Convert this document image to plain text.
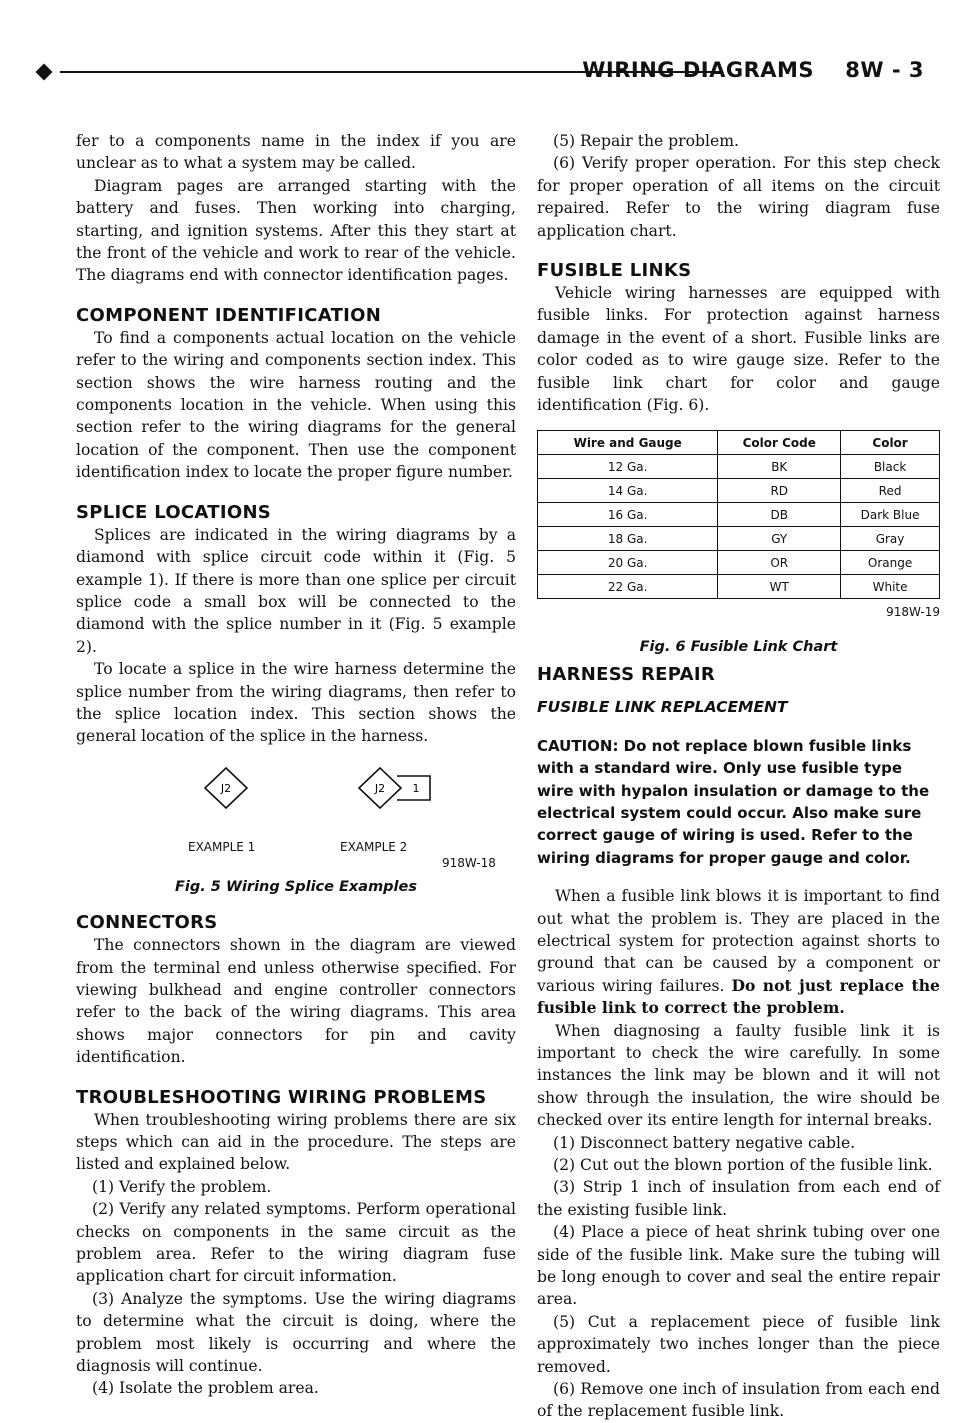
WIRING DIAGRAMS    8W - 3

fer to a components name in the index if you are unclear as to what a system may be called.

Diagram pages are arranged starting with the battery and fuses. Then working into charging, starting, and ignition systems. After this they start at the front of the vehicle and work to rear of the vehicle. The diagrams end with connector identification pages.

COMPONENT IDENTIFICATION

To find a components actual location on the vehicle refer to the wiring and components section index. This section shows the wire harness routing and the components location in the vehicle. When using this section refer to the wiring diagrams for the general location of the component. Then use the component identification index to locate the proper figure number.

SPLICE LOCATIONS

Splices are indicated in the wiring diagrams by a diamond with splice circuit code within it (Fig. 5 example 1). If there is more than one splice per circuit splice code a small box will be connected to the diamond with the splice number in it (Fig. 5 example 2).

To locate a splice in the wire harness determine the splice number from the wiring diagrams, then refer to the splice location index. This section shows the general location of the splice in the harness.

J2	J2 1
EXAMPLE 1	EXAMPLE 2
918W-18
Fig. 5 Wiring Splice Examples
CONNECTORS

The connectors shown in the diagram are viewed from the terminal end unless otherwise specified. For viewing bulkhead and engine controller connectors refer to the back of the wiring diagrams. This area shows major connectors for pin and cavity identification.

TROUBLESHOOTING WIRING PROBLEMS

When troubleshooting wiring problems there are six steps which can aid in the procedure. The steps are listed and explained below.

(1) Verify the problem.

(2) Verify any related symptoms. Perform operational checks on components in the same circuit as the problem area. Refer to the wiring diagram fuse application chart for circuit information.

(3) Analyze the symptoms. Use the wiring diagrams to determine what the circuit is doing, where the problem most likely is occurring and where the diagnosis will continue.

(4) Isolate the problem area.

(5) Repair the problem.

(6) Verify proper operation. For this step check for proper operation of all items on the circuit repaired. Refer to the wiring diagram fuse application chart.

FUSIBLE LINKS

Vehicle wiring harnesses are equipped with fusible links. For protection against harness damage in the event of a short. Fusible links are color coded as to wire gauge size. Refer to the fusible link chart for color and gauge identification (Fig. 6).

Wire and Gauge	Color Code	Color
12 Ga.	BK	Black
14 Ga.	RD	Red
16 Ga.	DB	Dark Blue
18 Ga.	GY	Gray
20 Ga.	OR	Orange
22 Ga.	WT	White
918W-19
Fig. 6 Fusible Link Chart
HARNESS REPAIR
FUSIBLE LINK REPLACEMENT
CAUTION: Do not replace blown fusible links with a standard wire. Only use fusible type wire with hypalon insulation or damage to the electrical system could occur. Also make sure correct gauge of wiring is used. Refer to the wiring diagrams for proper gauge and color.

When a fusible link blows it is important to find out what the problem is. They are placed in the electrical system for protection against shorts to ground that can be caused by a component or various wiring failures. Do not just replace the fusible link to correct the problem.

When diagnosing a faulty fusible link it is important to check the wire carefully. In some instances the link may be blown and it will not show through the insulation, the wire should be checked over its entire length for internal breaks.

(1) Disconnect battery negative cable.

(2) Cut out the blown portion of the fusible link.

(3) Strip 1 inch of insulation from each end of the existing fusible link.

(4) Place a piece of heat shrink tubing over one side of the fusible link. Make sure the tubing will be long enough to cover and seal the entire repair area.

(5) Cut a replacement piece of fusible link approximately two inches longer than the piece removed.

(6) Remove one inch of insulation from each end of the replacement fusible link.
